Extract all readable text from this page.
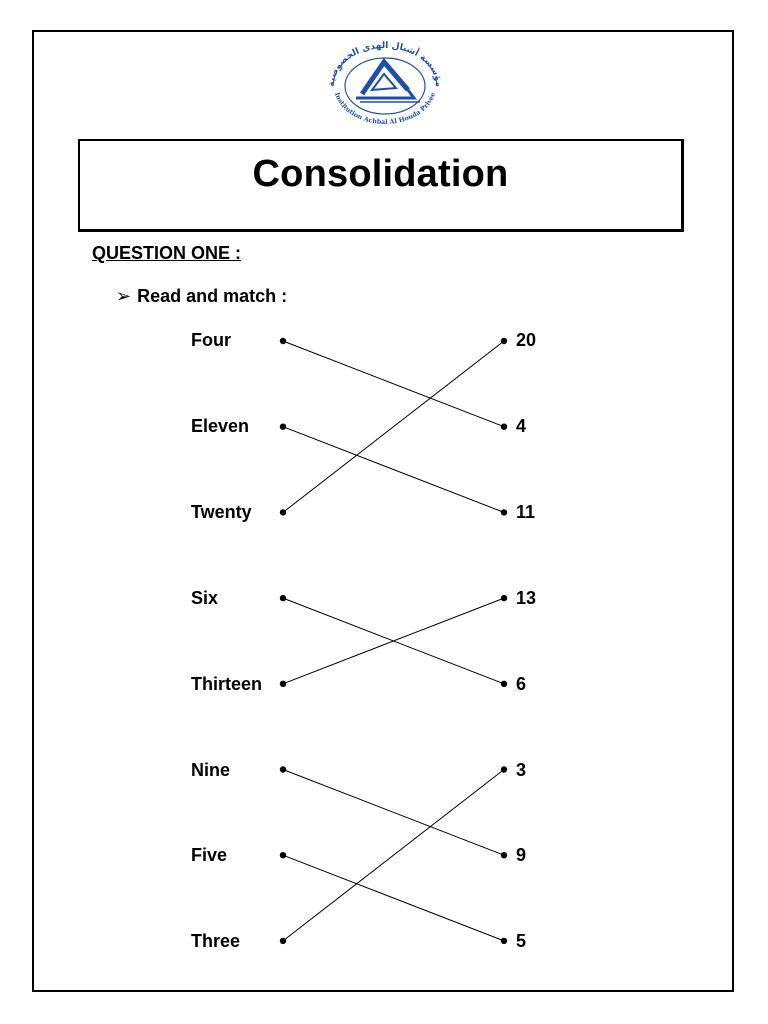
مؤسسة أشبال الهدى الخصوصية
Institution Achbal Al Houda Privée
Consolidation
QUESTION ONE :
➢ Read and match :
Four
Eleven
Twenty
Six
Thirteen
Nine
Five
Three
20
4
11
13
6
3
9
5
